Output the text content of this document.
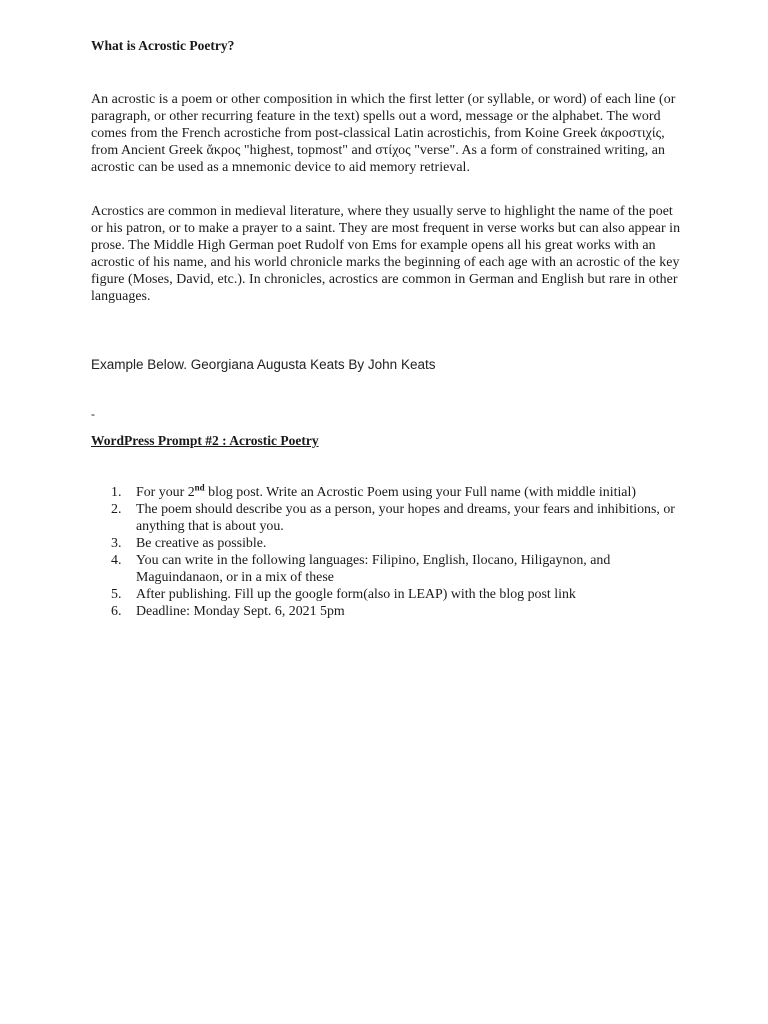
What is Acrostic Poetry?

An acrostic is a poem or other composition in which the first letter (or syllable, or word) of each line (or paragraph, or other recurring feature in the text) spells out a word, message or the alphabet. The word comes from the French acrostiche from post-classical Latin acrostichis, from Koine Greek ἀκροστιχίς, from Ancient Greek ἄκρος "highest, topmost" and στίχος "verse". As a form of constrained writing, an acrostic can be used as a mnemonic device to aid memory retrieval.

Acrostics are common in medieval literature, where they usually serve to highlight the name of the poet or his patron, or to make a prayer to a saint. They are most frequent in verse works but can also appear in prose. The Middle High German poet Rudolf von Ems for example opens all his great works with an acrostic of his name, and his world chronicle marks the beginning of each age with an acrostic of the key figure (Moses, David, etc.). In chronicles, acrostics are common in German and English but rare in other languages.

Example Below. Georgiana Augusta Keats By John Keats

-

WordPress Prompt #2 : Acrostic Poetry

1. For your 2nd blog post. Write an Acrostic Poem using your Full name (with middle initial)
2. The poem should describe you as a person, your hopes and dreams, your fears and inhibitions, or anything that is about you.
3. Be creative as possible.
4. You can write in the following languages: Filipino, English, Ilocano, Hiligaynon, and Maguindanaon, or in a mix of these
5. After publishing. Fill up the google form(also in LEAP) with the blog post link
6. Deadline: Monday Sept. 6, 2021 5pm
